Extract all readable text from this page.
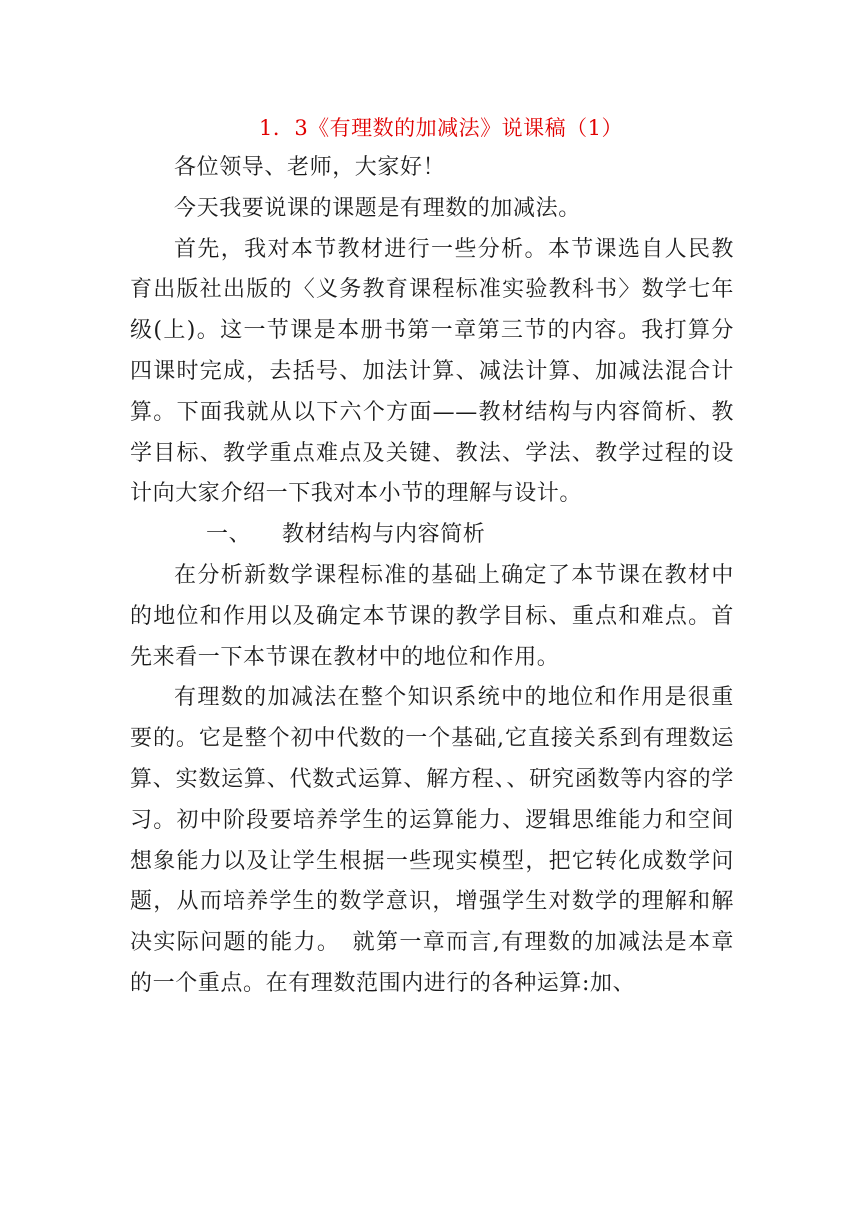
1．3《有理数的加减法》说课稿（1）

各位领导、老师，大家好！

今天我要说课的课题是有理数的加减法。

首先，我对本节教材进行一些分析。本节课选自人民教育出版社出版的〈义务教育课程标准实验教科书〉数学七年级(上)。这一节课是本册书第一章第三节的内容。我打算分四课时完成，去括号、加法计算、减法计算、加减法混合计算。下面我就从以下六个方面——教材结构与内容简析、教学目标、教学重点难点及关键、教法、学法、教学过程的设计向大家介绍一下我对本小节的理解与设计。

一、 教材结构与内容简析

在分析新数学课程标准的基础上确定了本节课在教材中的地位和作用以及确定本节课的教学目标、重点和难点。首先来看一下本节课在教材中的地位和作用。

有理数的加减法在整个知识系统中的地位和作用是很重要的。它是整个初中代数的一个基础,它直接关系到有理数运算、实数运算、代数式运算、解方程、、研究函数等内容的学习。初中阶段要培养学生的运算能力、逻辑思维能力和空间想象能力以及让学生根据一些现实模型，把它转化成数学问题，从而培养学生的数学意识，增强学生对数学的理解和解决实际问题的能力。　就第一章而言,有理数的加减法是本章的一个重点。在有理数范围内进行的各种运算:加、
